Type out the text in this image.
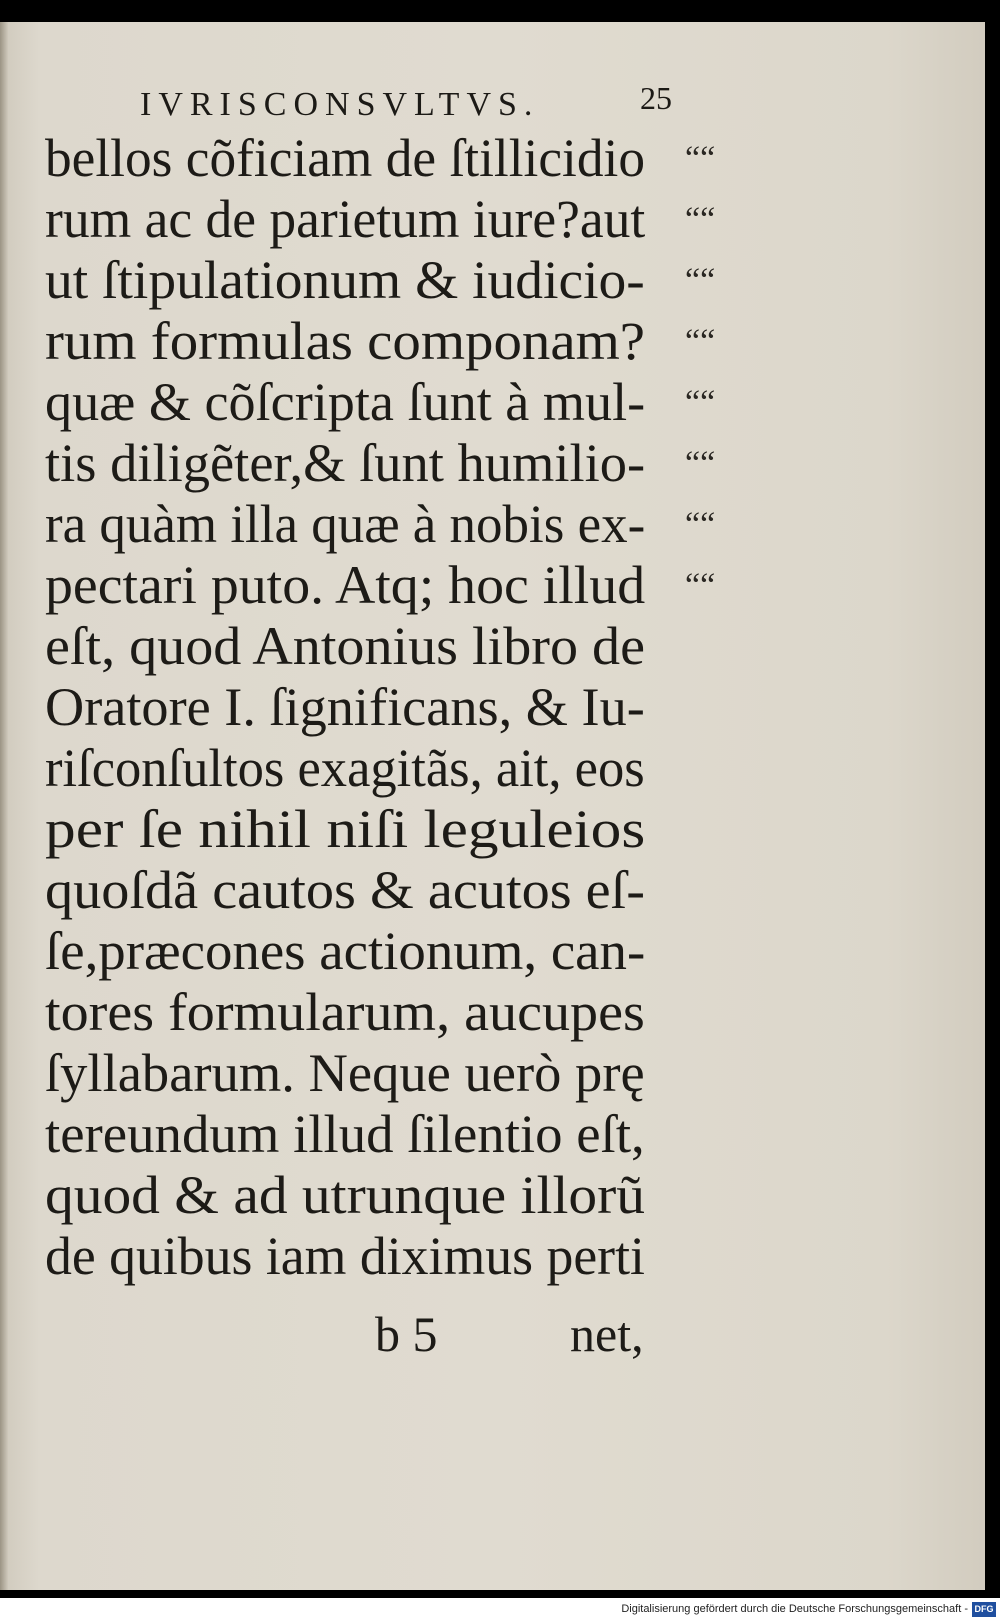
IVRISCONSVLTVS.	25
bellos cõficiam de ſtillicidio ““
rum ac de parietum iure?aut ““
ut ſtipulationum & iudicio- ““
rum formulas componam? ““
quæ & cõſcripta ſunt à mul- ““
tis diligẽter,& ſunt humilio- ““
ra quàm illa quæ à nobis ex- ““
pectari puto. Atq; hoc illud ““
eſt, quod Antonius libro de
Oratore I. ſignificans, & Iu-
riſconſultos exagitãs, ait, eos
per ſe nihil niſi leguleios
quoſdã cautos & acutos eſ-
ſe,præcones actionum, can-
tores formularum, aucupes
ſyllabarum. Neque uerò prę
tereundum illud ſilentio eſt,
quod & ad utrunque illorũ
de quibus iam diximus perti
b 5	net,
Digitalisierung gefördert durch die Deutsche Forschungsgemeinschaft - DFG
